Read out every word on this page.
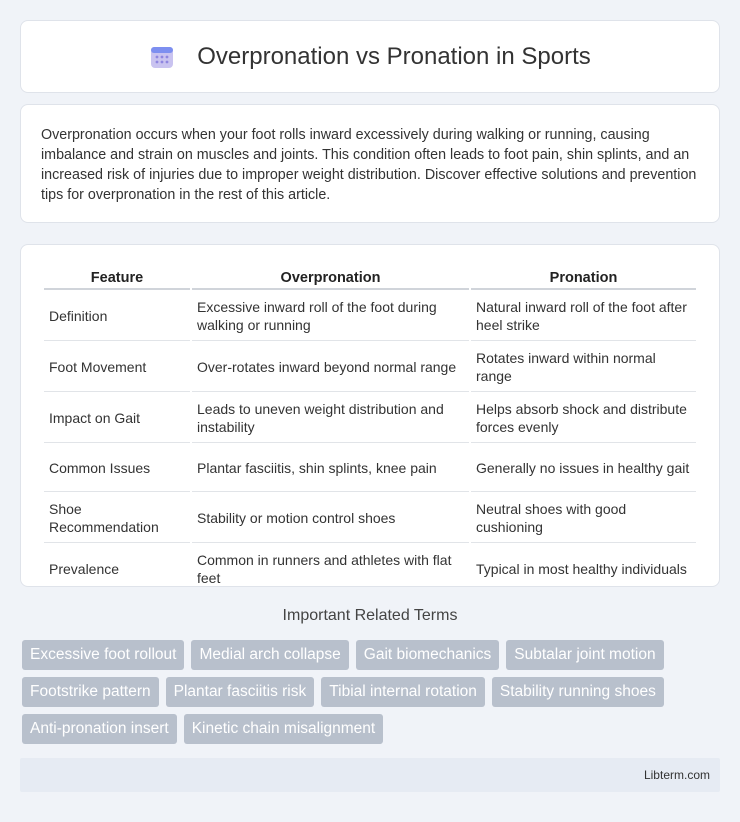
Overpronation vs Pronation in Sports

Overpronation occurs when your foot rolls inward excessively during walking or running, causing imbalance and strain on muscles and joints. This condition often leads to foot pain, shin splints, and an increased risk of injuries due to improper weight distribution. Discover effective solutions and prevention tips for overpronation in the rest of this article.

Feature	Overpronation	Pronation
Definition	Excessive inward roll of the foot during walking or running	Natural inward roll of the foot after heel strike
Foot Movement	Over-rotates inward beyond normal range	Rotates inward within normal range
Impact on Gait	Leads to uneven weight distribution and instability	Helps absorb shock and distribute forces evenly
Common Issues	Plantar fasciitis, shin splints, knee pain	Generally no issues in healthy gait
Shoe Recommendation	Stability or motion control shoes	Neutral shoes with good cushioning
Prevalence	Common in runners and athletes with flat feet	Typical in most healthy individuals
Important Related Terms
Excessive foot rollout	Medial arch collapse	Gait biomechanics	Subtalar joint motion
Footstrike pattern	Plantar fasciitis risk	Tibial internal rotation	Stability running shoes
Anti-pronation insert	Kinetic chain misalignment
Libterm.com
